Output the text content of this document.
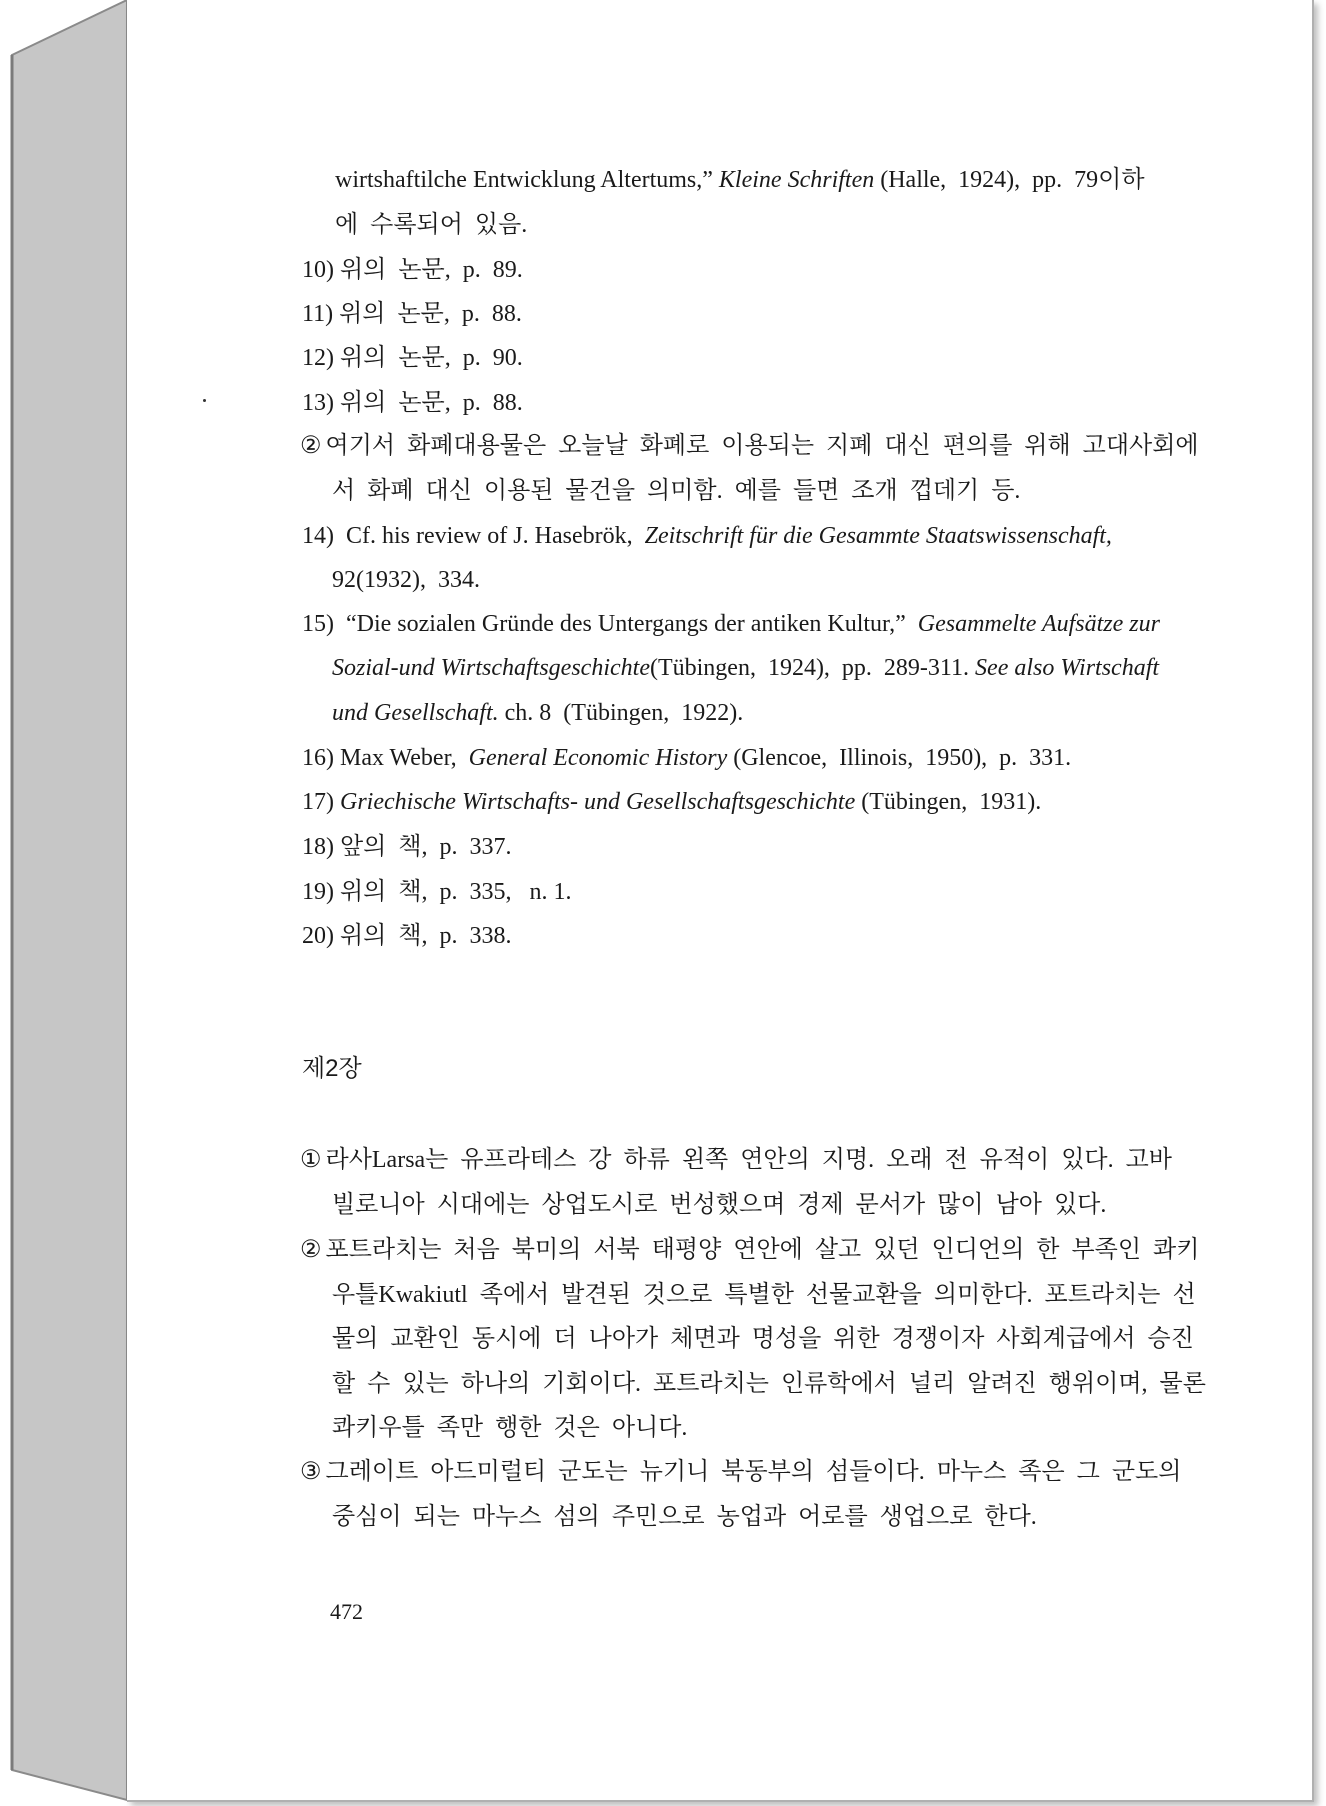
wirtshaftilche Entwicklung Altertums,” Kleine Schriften (Halle,  1924),  pp.  79이하
에  수록되어  있음.
10) 위의  논문,  p.  89.
11) 위의  논문,  p.  88.
12) 위의  논문,  p.  90.
13) 위의  논문,  p.  88.
② 여기서  화폐대용물은  오늘날  화폐로  이용되는  지폐  대신  편의를  위해  고대사회에
서  화폐  대신  이용된  물건을  의미함.  예를  들면  조개  껍데기  등.
14)  Cf. his review of J. Hasebrök,  Zeitschrift für die Gesammte Staatswissenschaft,
92(1932),  334.
15)  “Die sozialen Gründe des Untergangs der antiken Kultur,”  Gesammelte Aufsätze zur
Sozial-und Wirtschaftsgeschichte(Tübingen,  1924),  pp.  289-311. See also Wirtschaft
und Gesellschaft. ch. 8  (Tübingen,  1922).
16) Max Weber,  General Economic History (Glencoe,  Illinois,  1950),  p.  331.
17) Griechische Wirtschafts- und Gesellschaftsgeschichte (Tübingen,  1931).
18) 앞의  책,  p.  337.
19) 위의  책,  p.  335,   n. 1.
20) 위의  책,  p.  338.
제2장
① 라사Larsa는  유프라테스  강  하류  왼쪽  연안의  지명.  오래  전  유적이  있다.  고바
빌로니아  시대에는  상업도시로  번성했으며  경제  문서가  많이  남아  있다.
② 포트라치는  처음  북미의  서북  태평양  연안에  살고  있던  인디언의  한  부족인  콰키
우틀Kwakiutl  족에서  발견된  것으로  특별한  선물교환을  의미한다.  포트라치는  선
물의  교환인  동시에  더  나아가  체면과  명성을  위한  경쟁이자  사회계급에서  승진
할  수  있는  하나의  기회이다.  포트라치는  인류학에서  널리  알려진  행위이며,  물론
콰키우틀  족만  행한  것은  아니다.
③ 그레이트  아드미럴티  군도는  뉴기니  북동부의  섬들이다.  마누스  족은  그  군도의
중심이  되는  마누스  섬의  주민으로  농업과  어로를  생업으로  한다.
472
